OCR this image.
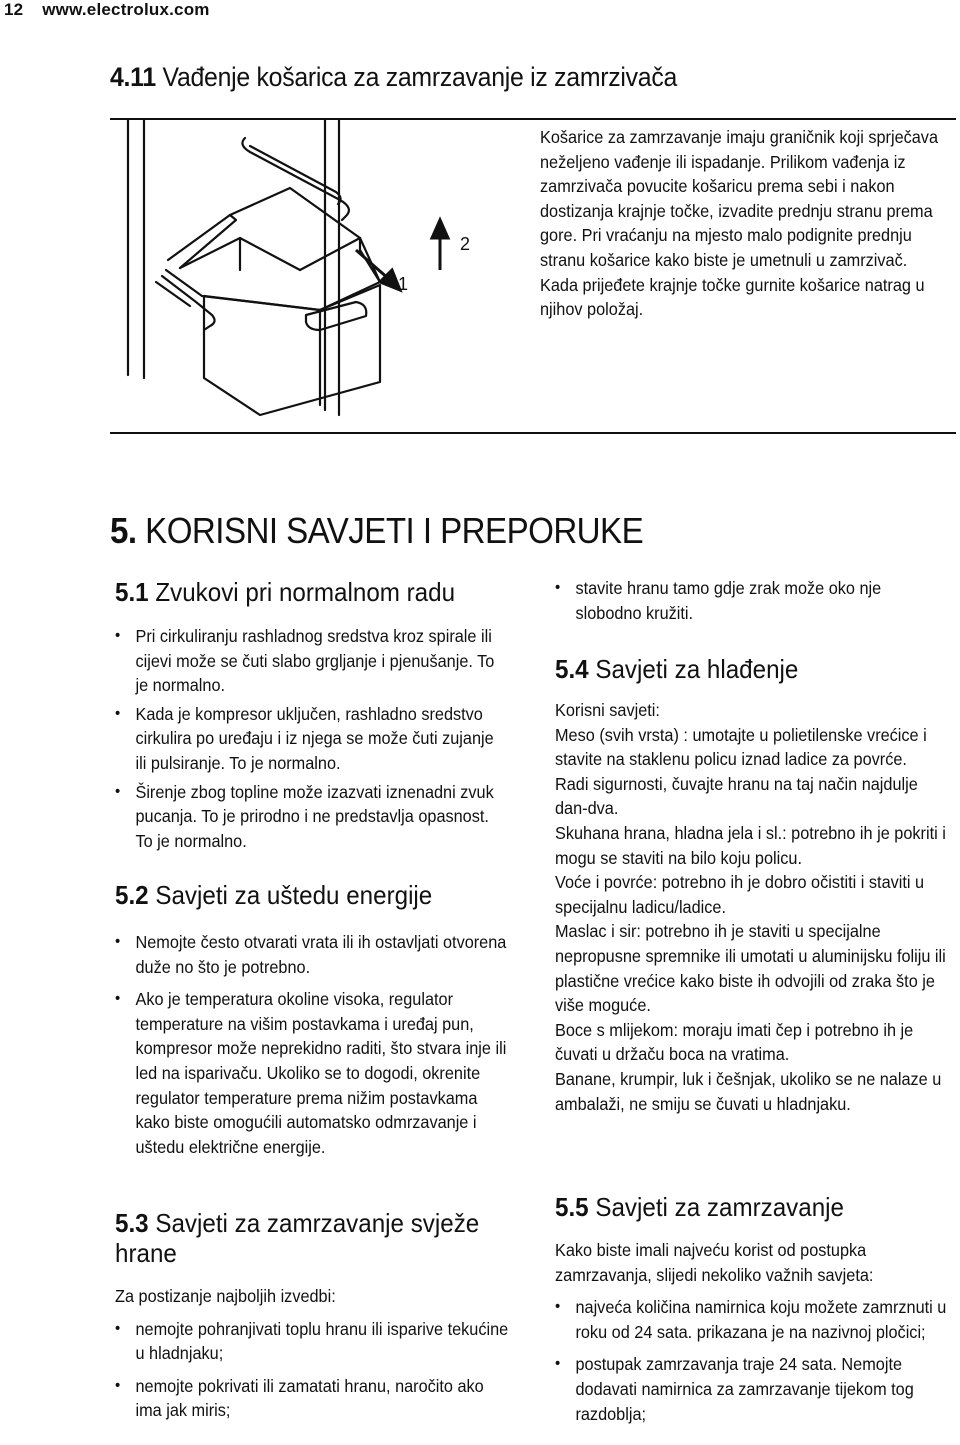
12 www.electrolux.com
4.11 Vađenje košarica za zamrzavanje iz zamrzivača
1
2

Košarice za zamrzavanje imaju graničnik koji sprječava neželjeno vađenje ili ispadanje. Prilikom vađenja iz zamrzivača povucite košaricu prema sebi i nakon dostizanja krajnje točke, izvadite prednju stranu prema gore. Pri vraćanju na mjesto malo podignite prednju stranu košarice kako biste je umetnuli u zamrzivač. Kada prijeđete krajnje točke gurnite košarice natrag u njihov položaj.

5. KORISNI SAVJETI I PREPORUKE
5.1 Zvukovi pri normalnom radu
• Pri cirkuliranju rashladnog sredstva kroz spirale ili cijevi može se čuti slabo grgljanje i pjenušanje. To je normalno.
• Kada je kompresor uključen, rashladno sredstvo cirkulira po uređaju i iz njega se može čuti zujanje ili pulsiranje. To je normalno.
• Širenje zbog topline može izazvati iznenadni zvuk pucanja. To je prirodno i ne predstavlja opasnost. To je normalno.
5.2 Savjeti za uštedu energije
• Nemojte često otvarati vrata ili ih ostavljati otvorena duže no što je potrebno.
• Ako je temperatura okoline visoka, regulator temperature na višim postavkama i uređaj pun, kompresor može neprekidno raditi, što stvara inje ili led na isparivaču. Ukoliko se to dogodi, okrenite regulator temperature prema nižim postavkama kako biste omogućili automatsko odmrzavanje i uštedu električne energije.
5.3 Savjeti za zamrzavanje svježe hrane

Za postizanje najboljih izvedbi:

• nemojte pohranjivati toplu hranu ili isparive tekućine u hladnjaku;
• nemojte pokrivati ili zamatati hranu, naročito ako ima jak miris;
• stavite hranu tamo gdje zrak može oko nje slobodno kružiti.
5.4 Savjeti za hlađenje

Korisni savjeti:

Meso (svih vrsta) : umotajte u polietilenske vrećice i stavite na staklenu policu iznad ladice za povrće.

Radi sigurnosti, čuvajte hranu na taj način najdulje dan-dva.

Skuhana hrana, hladna jela i sl.: potrebno ih je pokriti i mogu se staviti na bilo koju policu.

Voće i povrće: potrebno ih je dobro očistiti i staviti u specijalnu ladicu/ladice.

Maslac i sir: potrebno ih je staviti u specijalne nepropusne spremnike ili umotati u aluminijsku foliju ili plastične vrećice kako biste ih odvojili od zraka što je više moguće.

Boce s mlijekom: moraju imati čep i potrebno ih je čuvati u držaču boca na vratima.

Banane, krumpir, luk i češnjak, ukoliko se ne nalaze u ambalaži, ne smiju se čuvati u hladnjaku.

5.5 Savjeti za zamrzavanje

Kako biste imali najveću korist od postupka zamrzavanja, slijedi nekoliko važnih savjeta:

• najveća količina namirnica koju možete zamrznuti u roku od 24 sata. prikazana je na nazivnoj pločici;
• postupak zamrzavanja traje 24 sata. Nemojte dodavati namirnica za zamrzavanje tijekom tog razdoblja;
